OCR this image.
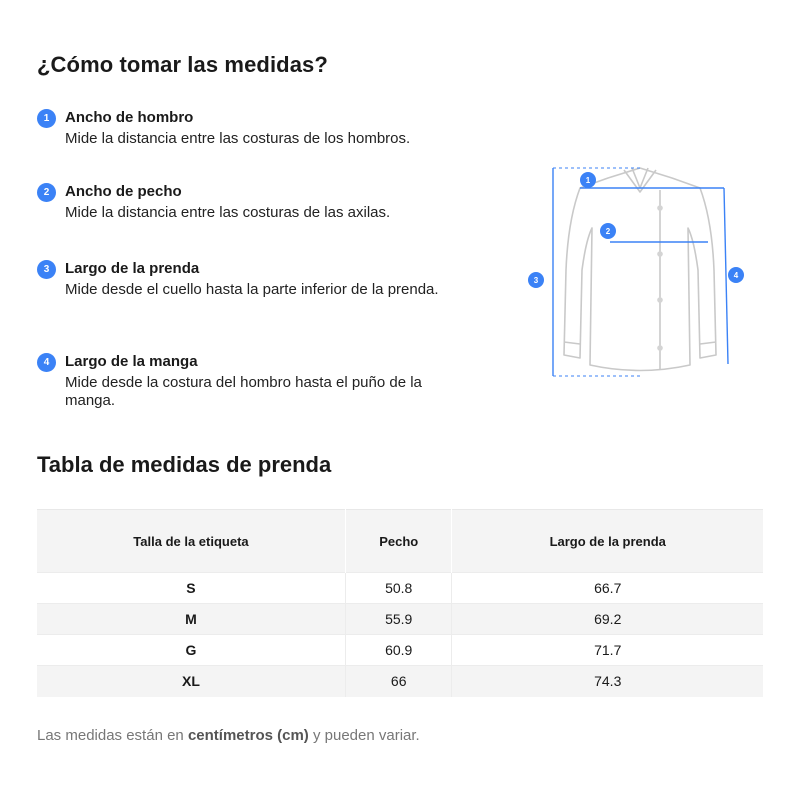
¿Cómo tomar las medidas?
1	Ancho de hombro
Mide la distancia entre las costuras de los hombros.
2	Ancho de pecho
Mide la distancia entre las costuras de las axilas.
3	Largo de la prenda
Mide desde el cuello hasta la parte inferior de la prenda.
4	Largo de la manga
Mide desde la costura del hombro hasta el puño de la manga.
1
2
3
4
Tabla de medidas de prenda
Talla de la etiqueta	Pecho	Largo de la prenda
S	50.8	66.7
M	55.9	69.2
G	60.9	71.7
XL	66	74.3
Las medidas están en centímetros (cm) y pueden variar.
